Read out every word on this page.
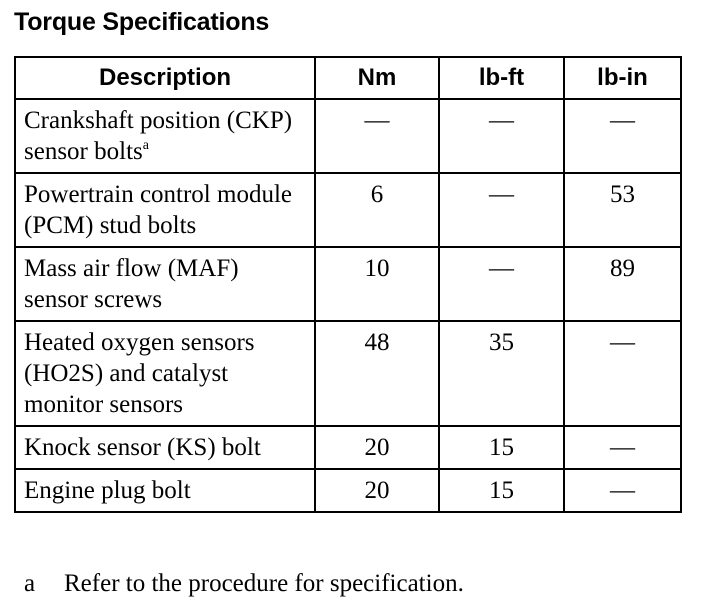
Torque Specifications
Description	Nm	lb-ft	lb-in
Crankshaft position (CKP) sensor bolts$^a$	—	—	—
Powertrain control module (PCM) stud bolts	6	—	53
Mass air flow (MAF) sensor screws	10	—	89
Heated oxygen sensors (HO2S) and catalyst monitor sensors	48	35	—
Knock sensor (KS) bolt	20	15	—
Engine plug bolt	20	15	—
a Refer to the procedure for specification.
